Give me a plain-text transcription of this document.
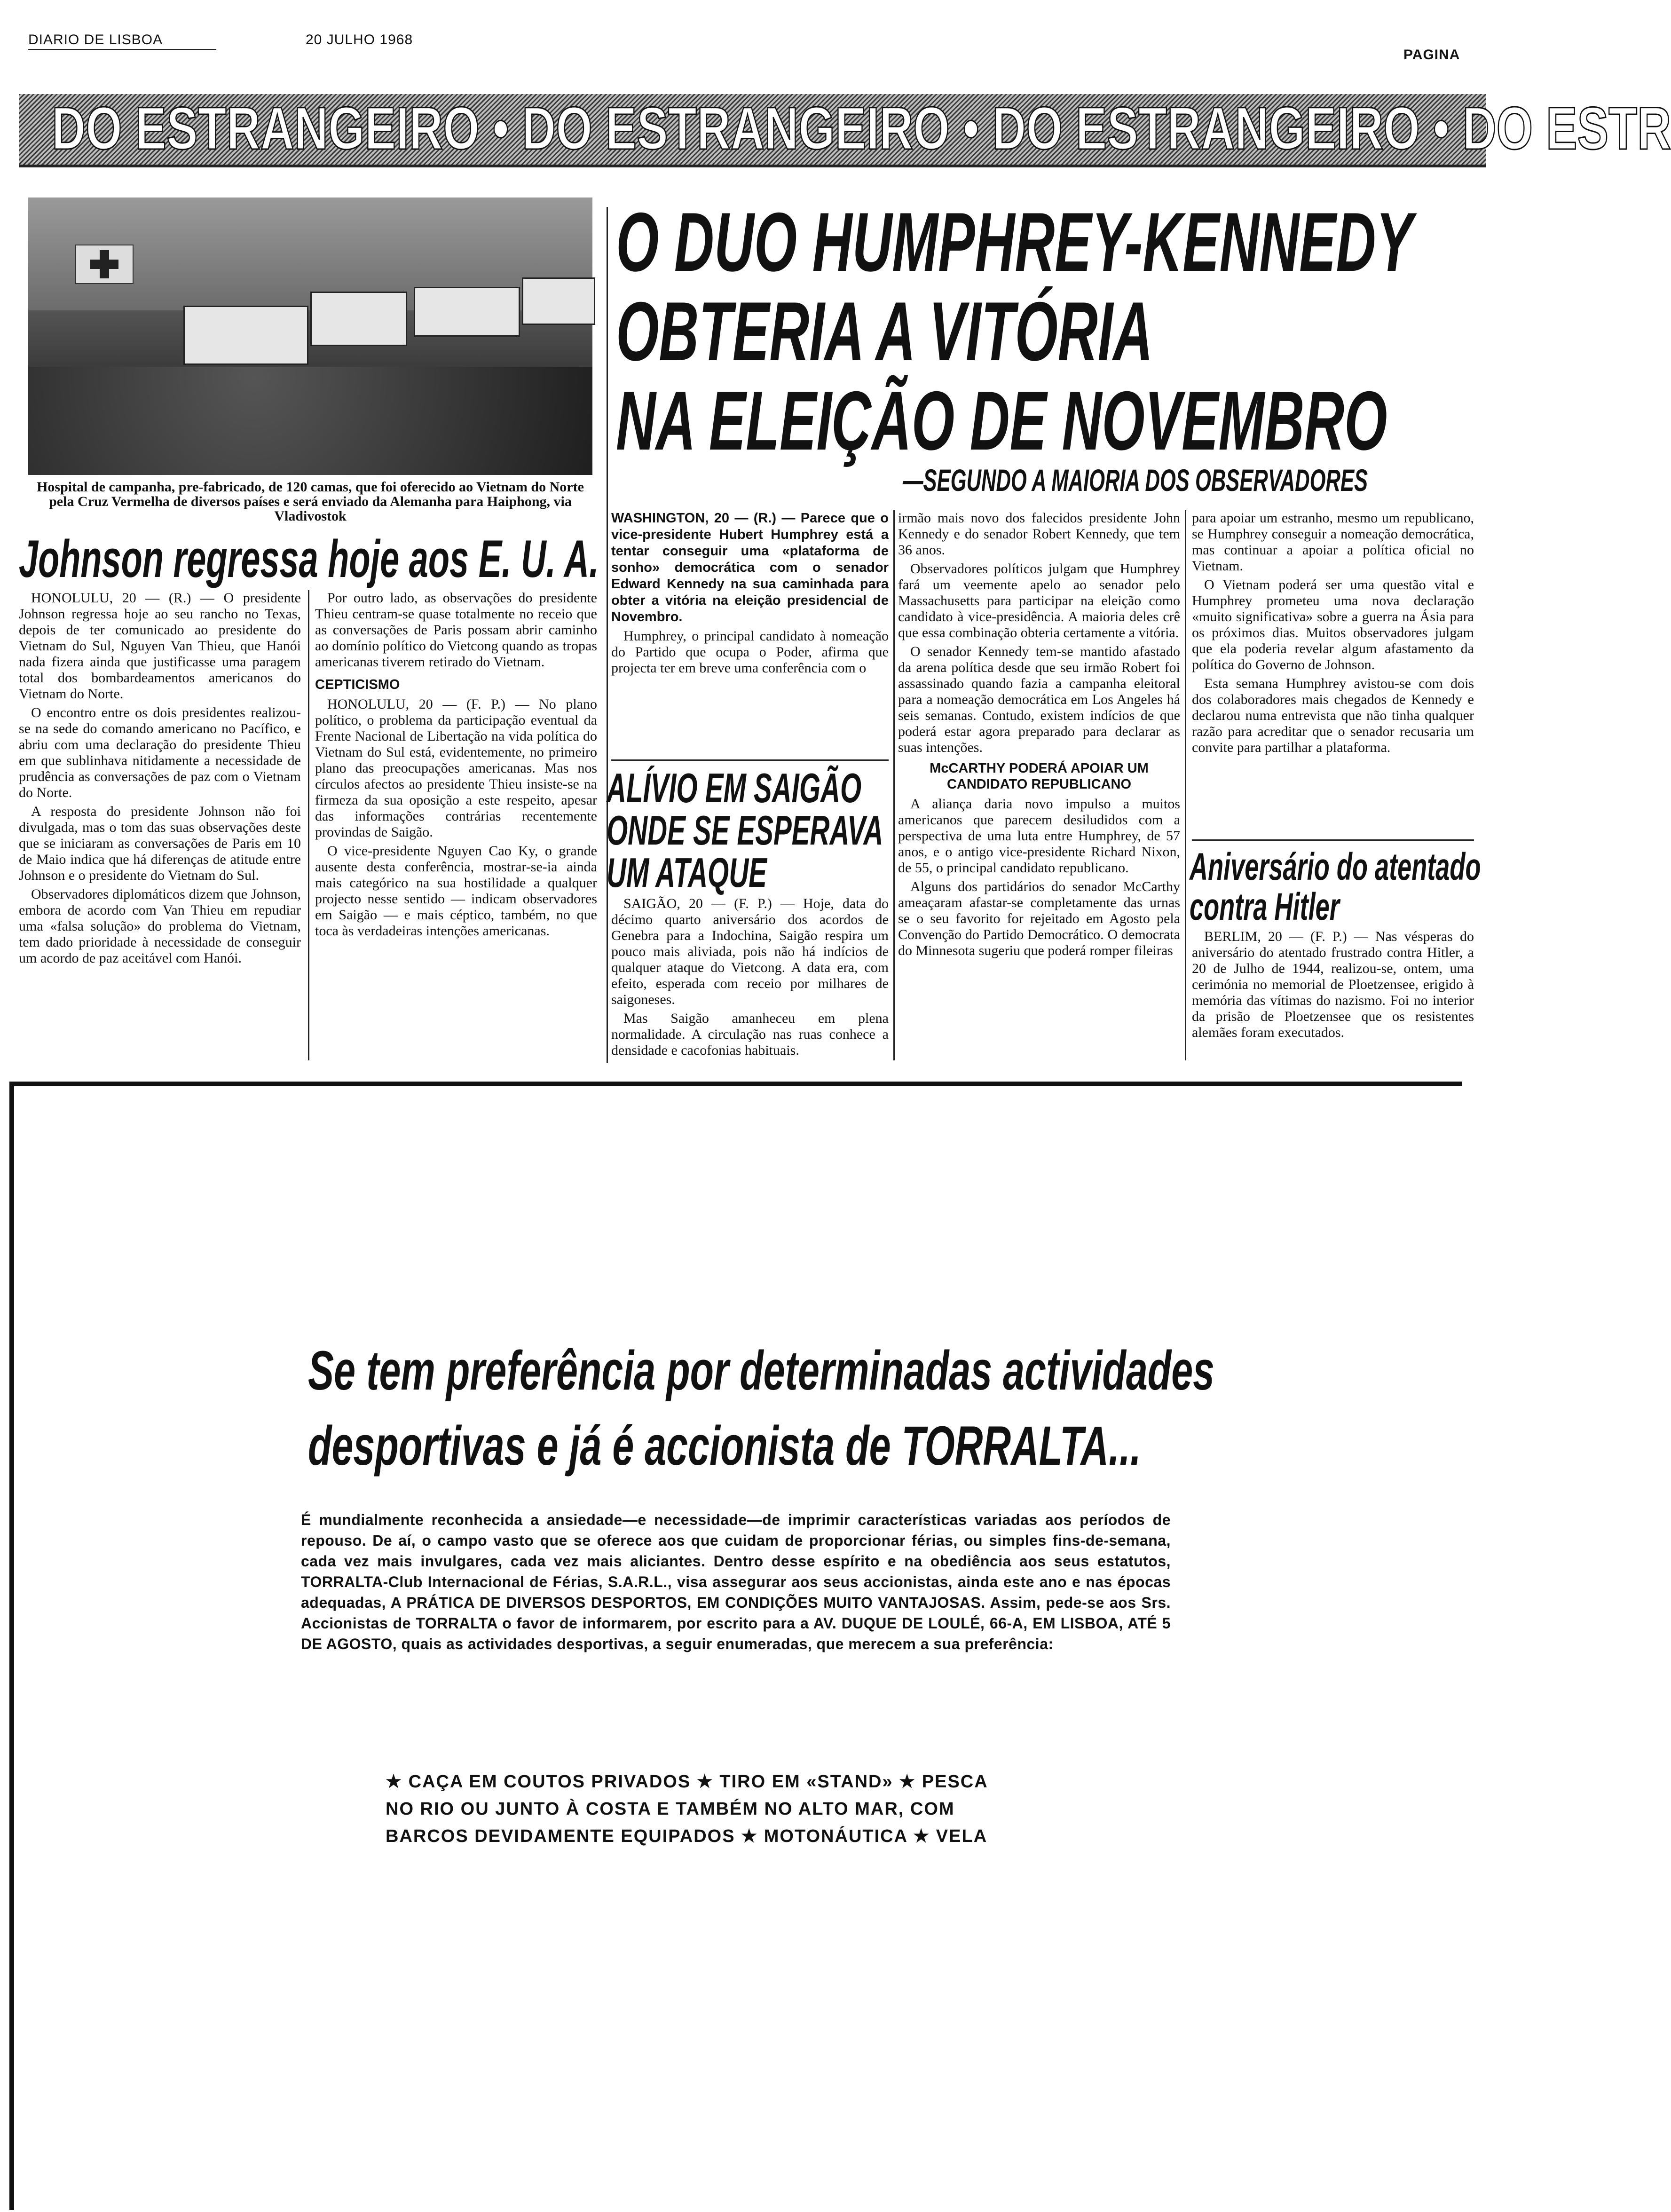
DIARIO DE LISBOA	20 JULHO 1968
PAGINA
DO ESTRANGEIRO • DO ESTRANGEIRO • DO ESTRANGEIRO • DO ESTR
Hospital de campanha, pre-fabricado, de 120 camas, que foi oferecido ao Vietnam do Norte pela Cruz Vermelha de diversos países e será enviado da Alemanha para Haiphong, via Vladivostok
Johnson regressa hoje aos E. U. A.

HONOLULU, 20 — (R.) — O presidente Johnson regressa hoje ao seu rancho no Texas, depois de ter comunicado ao presidente do Vietnam do Sul, Nguyen Van Thieu, que Hanói nada fizera ainda que justificasse uma paragem total dos bombardeamentos americanos do Vietnam do Norte.

O encontro entre os dois presidentes realizou-se na sede do comando americano no Pacífico, e abriu com uma declaração do presidente Thieu em que sublinhava nitidamente a necessidade de prudência as conversações de paz com o Vietnam do Norte.

A resposta do presidente Johnson não foi divulgada, mas o tom das suas observações deste que se iniciaram as conversações de Paris em 10 de Maio indica que há diferenças de atitude entre Johnson e o presidente do Vietnam do Sul.

Observadores diplomáticos dizem que Johnson, embora de acordo com Van Thieu em repudiar uma «falsa solução» do problema do Vietnam, tem dado prioridade à necessidade de conseguir um acordo de paz aceitável com Hanói.

Por outro lado, as observações do presidente Thieu centram-se quase totalmente no receio que as conversações de Paris possam abrir caminho ao domínio político do Vietcong quando as tropas americanas tiverem retirado do Vietnam.

CEPTICISMO

HONOLULU, 20 — (F. P.) — No plano político, o problema da participação eventual da Frente Nacional de Libertação na vida política do Vietnam do Sul está, evidentemente, no primeiro plano das preocupações americanas. Mas nos círculos afectos ao presidente Thieu insiste-se na firmeza da sua oposição a este respeito, apesar das informações contrárias recentemente provindas de Saigão.

O vice-presidente Nguyen Cao Ky, o grande ausente desta conferência, mostrar-se-ia ainda mais categórico na sua hostilidade a qualquer projecto nesse sentido — indicam observadores em Saigão — e mais céptico, também, no que toca às verdadeiras intenções americanas.

O DUO HUMPHREY-KENNEDY
OBTERIA A VITÓRIA
NA ELEIÇÃO DE NOVEMBRO
—SEGUNDO A MAIORIA DOS OBSERVADORES

WASHINGTON, 20 — (R.) — Parece que o vice-presidente Hubert Humphrey está a tentar conseguir uma «plataforma de sonho» democrática com o senador Edward Kennedy na sua caminhada para obter a vitória na eleição presidencial de Novembro.

Humphrey, o principal candidato à nomeação do Partido que ocupa o Poder, afirma que projecta ter em breve uma conferência com o

ALÍVIO EM SAIGÃO
ONDE SE ESPERAVA
UM ATAQUE

SAIGÃO, 20 — (F. P.) — Hoje, data do décimo quarto aniversário dos acordos de Genebra para a Indochina, Saigão respira um pouco mais aliviada, pois não há indícios de qualquer ataque do Vietcong. A data era, com efeito, esperada com receio por milhares de saigoneses.

Mas Saigão amanheceu em plena normalidade. A circulação nas ruas conhece a densidade e cacofonias habituais.

irmão mais novo dos falecidos presidente John Kennedy e do senador Robert Kennedy, que tem 36 anos.

Observadores políticos julgam que Humphrey fará um veemente apelo ao senador pelo Massachusetts para participar na eleição como candidato à vice-presidência. A maioria deles crê que essa combinação obteria certamente a vitória.

O senador Kennedy tem-se mantido afastado da arena política desde que seu irmão Robert foi assassinado quando fazia a campanha eleitoral para a nomeação democrática em Los Angeles há seis semanas. Contudo, existem indícios de que poderá estar agora preparado para declarar as suas intenções.

McCARTHY PODERÁ APOIAR UM CANDIDATO REPUBLICANO

A aliança daria novo impulso a muitos americanos que parecem desiludidos com a perspectiva de uma luta entre Humphrey, de 57 anos, e o antigo vice-presidente Richard Nixon, de 55, o principal candidato republicano.

Alguns dos partidários do senador McCarthy ameaçaram afastar-se completamente das urnas se o seu favorito for rejeitado em Agosto pela Convenção do Partido Democrático. O democrata do Minnesota sugeriu que poderá romper fileiras

para apoiar um estranho, mesmo um republicano, se Humphrey conseguir a nomeação democrática, mas continuar a apoiar a política oficial no Vietnam.

O Vietnam poderá ser uma questão vital e Humphrey prometeu uma nova declaração «muito significativa» sobre a guerra na Ásia para os próximos dias. Muitos observadores julgam que ela poderia revelar algum afastamento da política do Governo de Johnson.

Esta semana Humphrey avistou-se com dois dos colaboradores mais chegados de Kennedy e declarou numa entrevista que não tinha qualquer razão para acreditar que o senador recusaria um convite para partilhar a plataforma.

Aniversário do atentado
contra Hitler

BERLIM, 20 — (F. P.) — Nas vésperas do aniversário do atentado frustrado contra Hitler, a 20 de Julho de 1944, realizou-se, ontem, uma cerimónia no memorial de Ploetzensee, erigido à memória das vítimas do nazismo. Foi no interior da prisão de Ploetzensee que os resistentes alemães foram executados.

Se tem preferência por determinadas actividades
desportivas e já é accionista de TORRALTA...
É mundialmente reconhecida a ansiedade—e necessidade—de imprimir características variadas aos períodos de repouso. De aí, o campo vasto que se oferece aos que cuidam de proporcionar férias, ou simples fins-de-semana, cada vez mais invulgares, cada vez mais aliciantes. Dentro desse espírito e na obediência aos seus estatutos, TORRALTA-Club Internacional de Férias, S.A.R.L., visa assegurar aos seus accionistas, ainda este ano e nas épocas adequadas, A PRÁTICA DE DIVERSOS DESPORTOS, EM CONDIÇÕES MUITO VANTAJOSAS. Assim, pede-se aos Srs. Accionistas de TORRALTA o favor de informarem, por escrito para a AV. DUQUE DE LOULÉ, 66-A, EM LISBOA, ATÉ 5 DE AGOSTO, quais as actividades desportivas, a seguir enumeradas, que merecem a sua preferência:
★ CAÇA EM COUTOS PRIVADOS ★ TIRO EM «STAND» ★ PESCA
NO RIO OU JUNTO À COSTA E TAMBÉM NO ALTO MAR, COM
BARCOS DEVIDAMENTE EQUIPADOS ★ MOTONÁUTICA ★ VELA
